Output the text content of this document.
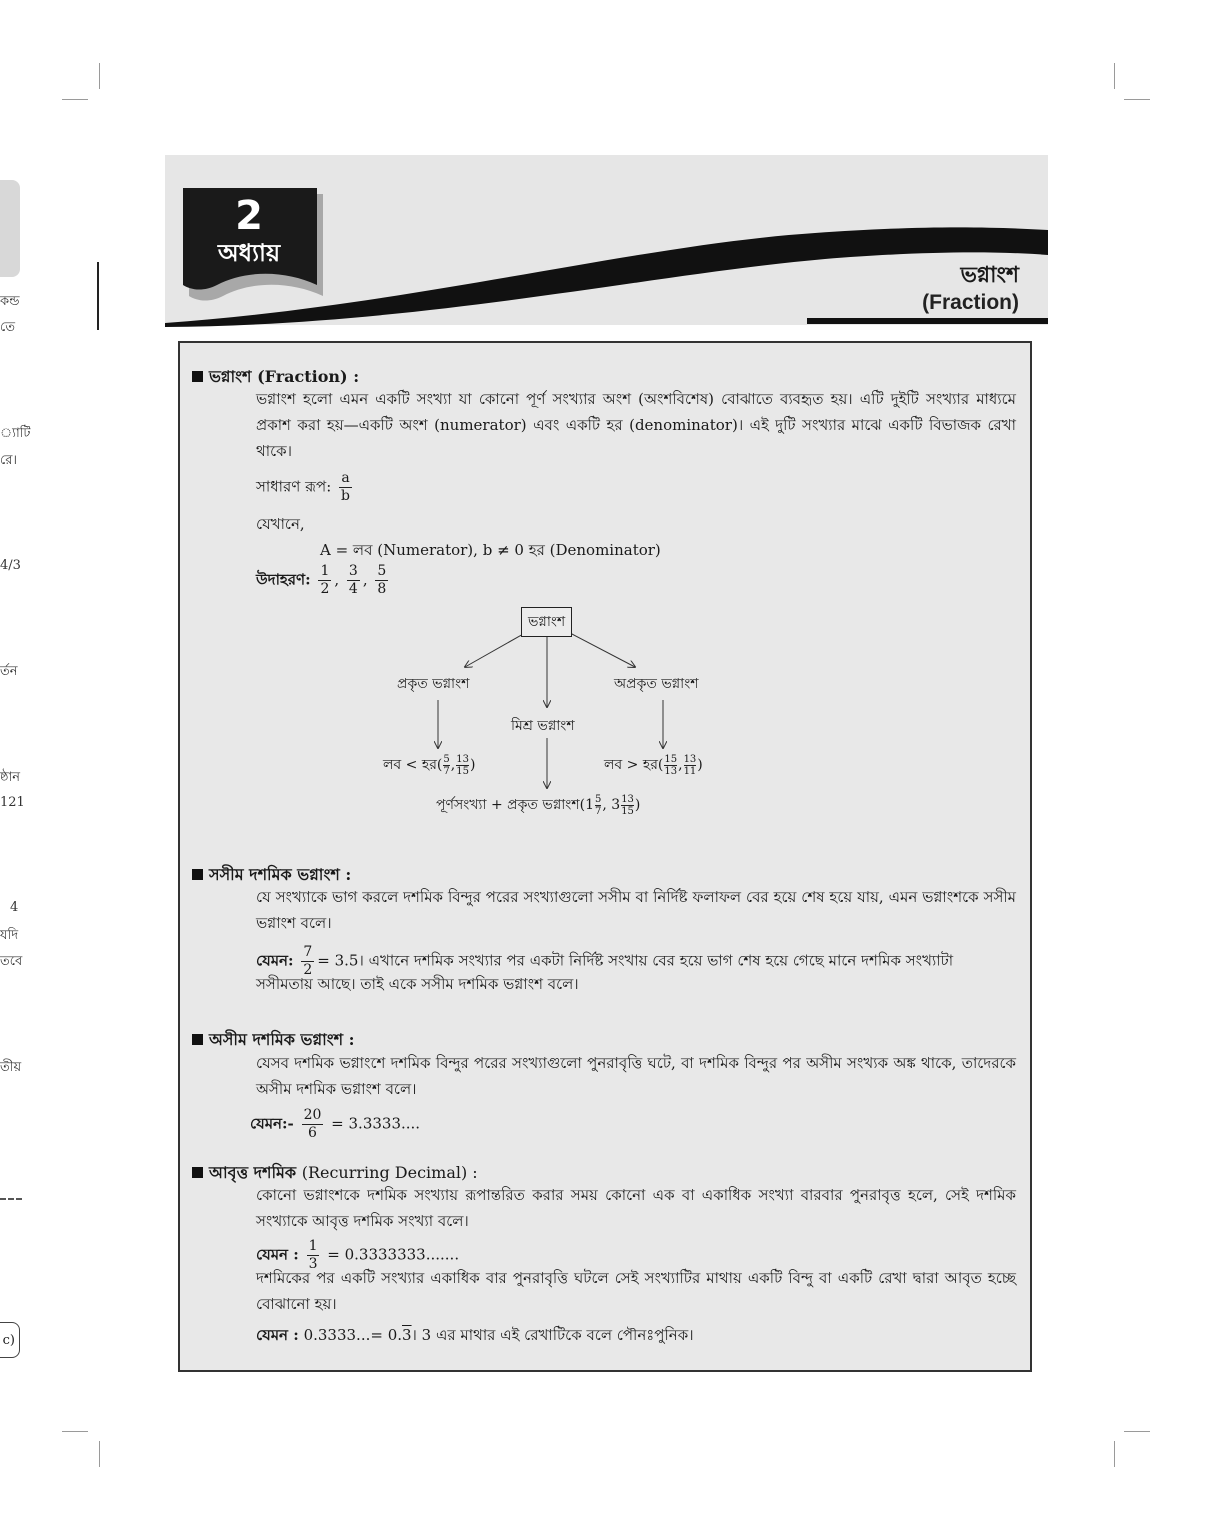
কন্ড
তে
্যাটি
রে।
4/3
র্তন
ষ্ঠান
121
4
যদি
তবে
তীয়
c)
2
অধ্যায়
ভগ্নাংশ
(Fraction)
ভগ্নাংশ (Fraction) :
ভগ্নাংশ হলো এমন একটি সংখ্যা যা কোনো পূর্ণ সংখ্যার অংশ (অংশবিশেষ) বোঝাতে ব্যবহৃত হয়। এটি দুইটি সংখ্যার মাধ্যমে প্রকাশ করা হয়—একটি অংশ (numerator) এবং একটি হর (denominator)। এই দুটি সংখ্যার মাঝে একটি বিভাজক রেখা থাকে।
সাধারণ রূপ: $\frac{a}{b}$
যেখানে,
A = লব (Numerator), b ≠ 0 হর (Denominator)
উদাহরণ: $\frac{1}{2}$ , $\frac{3}{4}$ , $\frac{5}{8}$
ভগ্নাংশ
প্রকৃত ভগ্নাংশ	অপ্রকৃত ভগ্নাংশ
মিশ্র ভগ্নাংশ
লব < হর( $\frac{5}{7}$ , $\frac{13}{15}$ )	লব > হর( $\frac{15}{13}$ , $\frac{13}{11}$ )
পূর্ণসংখ্যা + প্রকৃত ভগ্নাংশ(1 $\frac{5}{7}$ , $3 \frac{13}{15}$ )
সসীম দশমিক ভগ্নাংশ :
যে সংখ্যাকে ভাগ করলে দশমিক বিন্দুর পরের সংখ্যাগুলো সসীম বা নির্দিষ্ট ফলাফল বের হয়ে শেষ হয়ে যায়, এমন ভগ্নাংশকে সসীম ভগ্নাংশ বলে।
যেমন: $\frac{7}{2}$ = 3.5। এখানে দশমিক সংখ্যার পর একটা নির্দিষ্ট সংখায় বের হয়ে ভাগ শেষ হয়ে গেছে মানে দশমিক সংখ্যাটা
সসীমতায় আছে। তাই একে সসীম দশমিক ভগ্নাংশ বলে।
অসীম দশমিক ভগ্নাংশ :
যেসব দশমিক ভগ্নাংশে দশমিক বিন্দুর পরের সংখ্যাগুলো পুনরাবৃত্তি ঘটে, বা দশমিক বিন্দুর পর অসীম সংখ্যক অঙ্ক থাকে, তাদেরকে অসীম দশমিক ভগ্নাংশ বলে।
যেমন:- $\frac{20}{6} = 3.3333$....
আবৃত্ত দশমিক (Recurring Decimal) :
কোনো ভগ্নাংশকে দশমিক সংখ্যায় রূপান্তরিত করার সময় কোনো এক বা একাধিক সংখ্যা বারবার পুনরাবৃত্ত হলে, সেই দশমিক সংখ্যাকে আবৃত্ত দশমিক সংখ্যা বলে।
যেমন : $\frac{1}{3} = 0.3333333$.......
দশমিকের পর একটি সংখ্যার একাধিক বার পুনরাবৃত্তি ঘটলে সেই সংখ্যাটির মাথায় একটি বিন্দু বা একটি রেখা দ্বারা আবৃত হচ্ছে বোঝানো হয়।
যেমন : 0.3333...= 0.3। 3 এর মাথার এই রেখাটিকে বলে পৌনঃপুনিক।
